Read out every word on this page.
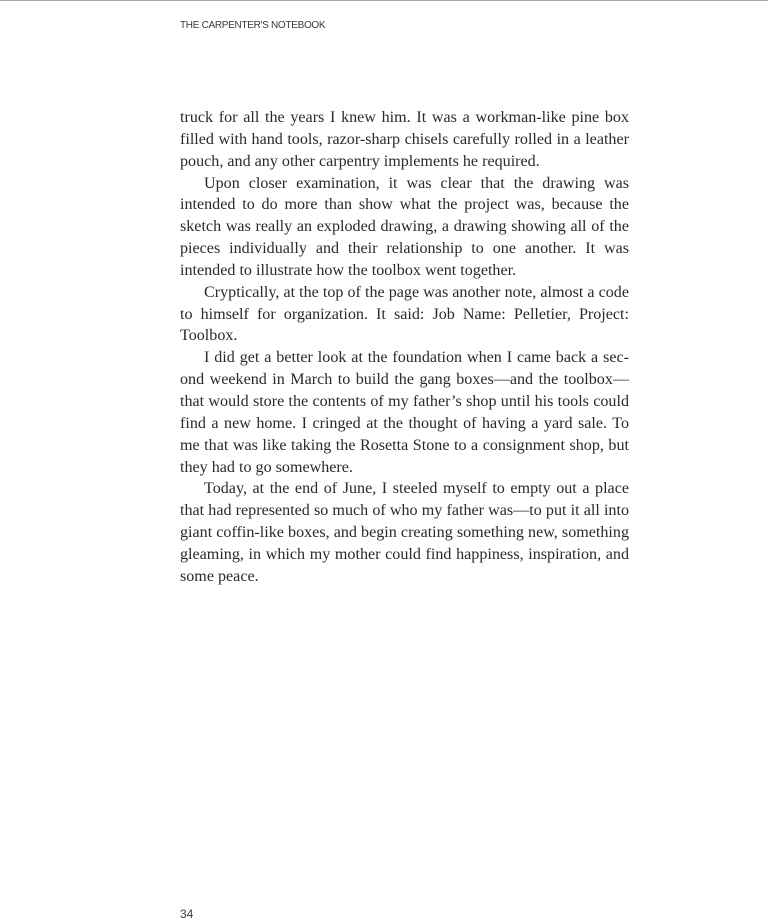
THE CARPENTER'S NOTEBOOK

truck for all the years I knew him. It was a workman-like pine box filled with hand tools, razor-sharp chisels carefully rolled in a leather pouch, and any other carpentry implements he required.

Upon closer examination, it was clear that the drawing was intended to do more than show what the project was, because the sketch was really an exploded drawing, a drawing showing all of the pieces individually and their relationship to one another. It was intended to illustrate how the toolbox went together.

Cryptically, at the top of the page was another note, almost a code to himself for organization. It said: Job Name: Pelletier, Project: Toolbox.

I did get a better look at the foundation when I came back a second weekend in March to build the gang boxes—and the toolbox—that would store the contents of my father’s shop until his tools could find a new home. I cringed at the thought of having a yard sale. To me that was like taking the Rosetta Stone to a consignment shop, but they had to go somewhere.

Today, at the end of June, I steeled myself to empty out a place that had represented so much of who my father was—to put it all into giant coffin-like boxes, and begin creating something new, something gleaming, in which my mother could find happiness, inspiration, and some peace.

34
